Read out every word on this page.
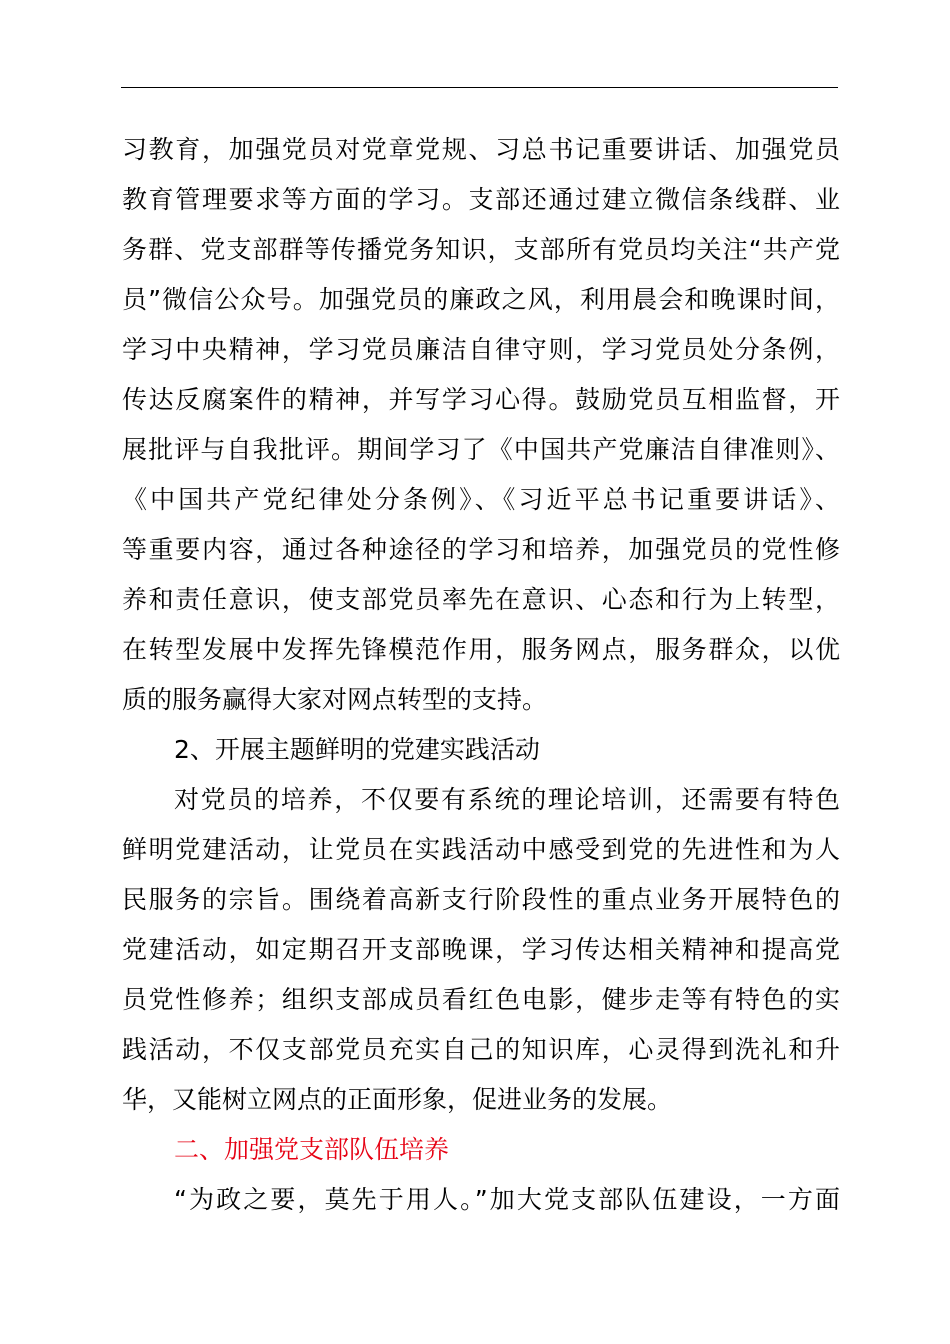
习教育，加强党员对党章党规、习总书记重要讲话、加强党员
教育管理要求等方面的学习。支部还通过建立微信条线群、业
务群、党支部群等传播党务知识，支部所有党员均关注“共产党
员”微信公众号。加强党员的廉政之风，利用晨会和晚课时间，
学习中央精神，学习党员廉洁自律守则，学习党员处分条例，
传达反腐案件的精神，并写学习心得。鼓励党员互相监督，开
展批评与自我批评。期间学习了《中国共产党廉洁自律准则》、
《中国共产党纪律处分条例》、《习近平总书记重要讲话》、
等重要内容，通过各种途径的学习和培养，加强党员的党性修
养和责任意识，使支部党员率先在意识、心态和行为上转型，
在转型发展中发挥先锋模范作用，服务网点，服务群众，以优
质的服务赢得大家对网点转型的支持。
2、开展主题鲜明的党建实践活动
对党员的培养，不仅要有系统的理论培训，还需要有特色
鲜明党建活动，让党员在实践活动中感受到党的先进性和为人
民服务的宗旨。围绕着高新支行阶段性的重点业务开展特色的
党建活动，如定期召开支部晚课，学习传达相关精神和提高党
员党性修养；组织支部成员看红色电影，健步走等有特色的实
践活动，不仅支部党员充实自己的知识库，心灵得到洗礼和升
华，又能树立网点的正面形象，促进业务的发展。
二、加强党支部队伍培养
“为政之要，莫先于用人。”加大党支部队伍建设，一方面
